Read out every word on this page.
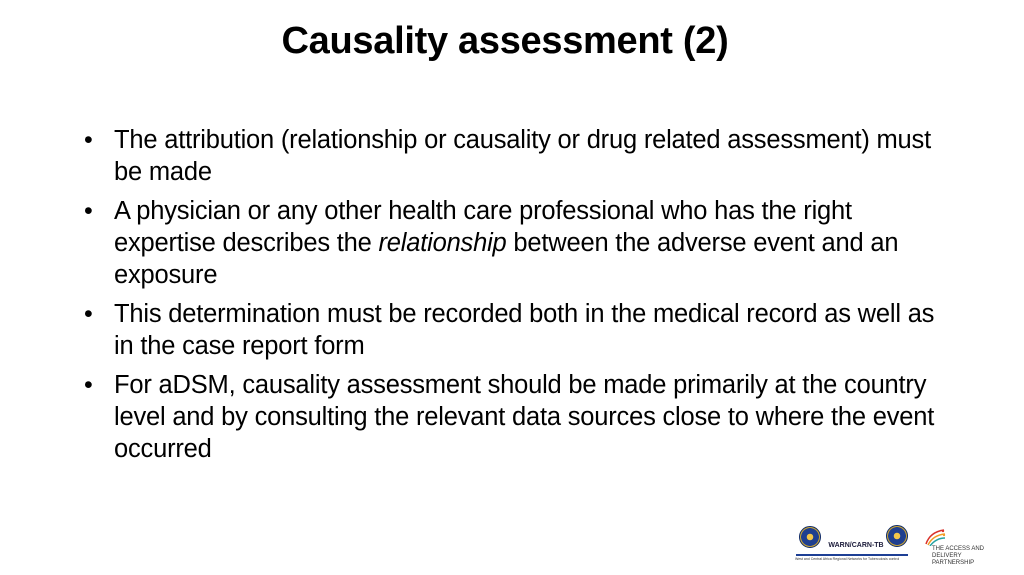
Causality assessment (2)
• The attribution (relationship or causality or drug related assessment) must be made
• A physician or any other health care professional who has the right expertise describes the relationship between the adverse event and an exposure
• This determination must be recorded both in the medical record as well as in the case report form
• For aDSM, causality assessment should be made primarily at the country level and by consulting the relevant data sources close to where the event occurred
WARN/CARN-TB
West and Central Africa Regional Networks for Tuberculosis control
THE ACCESS AND DELIVERY PARTNERSHIP
